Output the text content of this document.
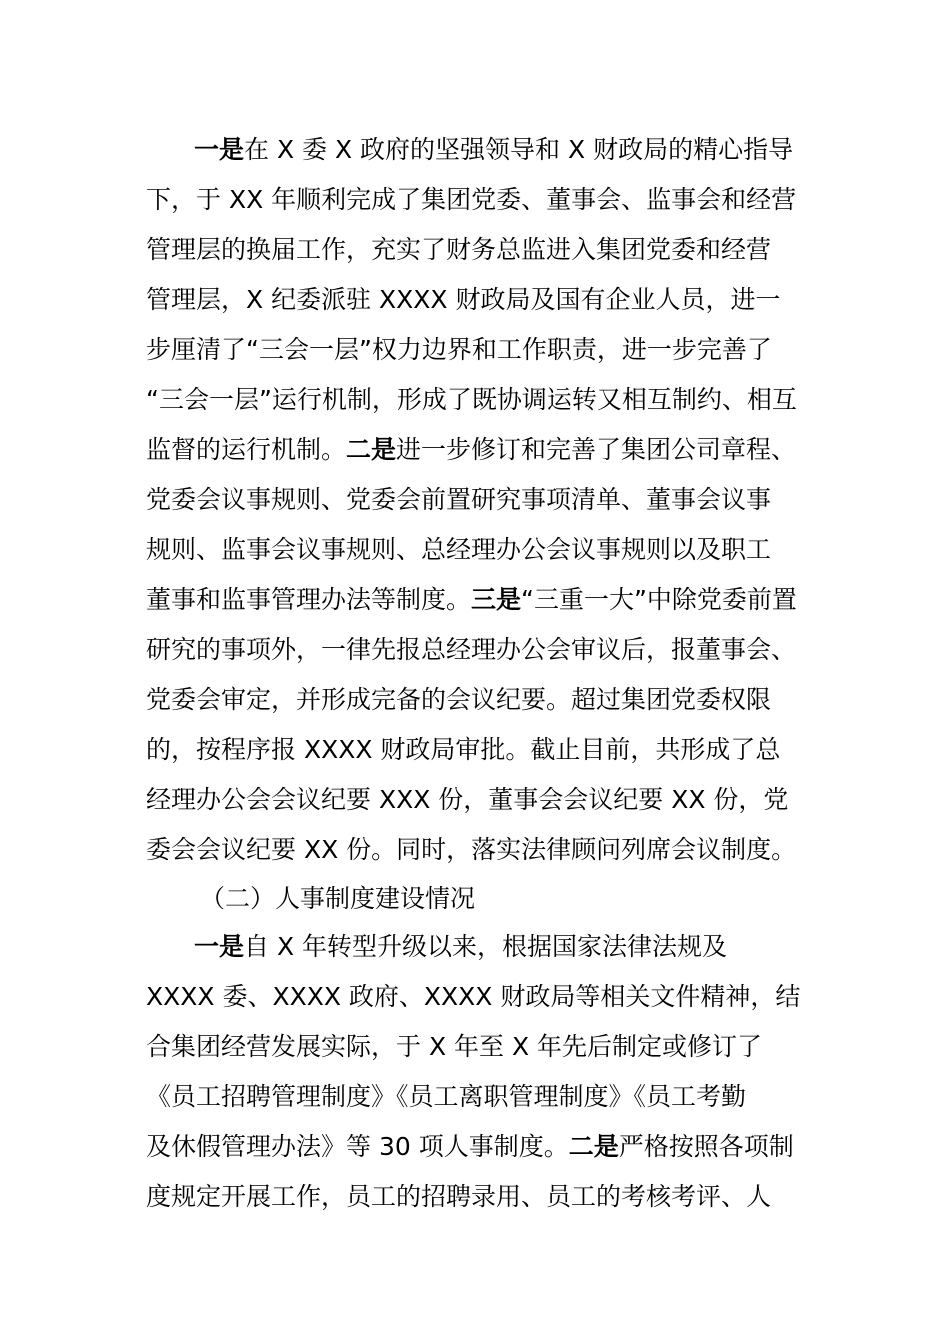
一是在 X 委 X 政府的坚强领导和 X 财政局的精心指导
下，于 XX 年顺利完成了集团党委、董事会、监事会和经营
管理层的换届工作，充实了财务总监进入集团党委和经营
管理层，X 纪委派驻 XXXX 财政局及国有企业人员，进一
步厘清了“三会一层”权力边界和工作职责，进一步完善了
“三会一层”运行机制，形成了既协调运转又相互制约、相互
监督的运行机制。二是进一步修订和完善了集团公司章程、
党委会议事规则、党委会前置研究事项清单、董事会议事
规则、监事会议事规则、总经理办公会议事规则以及职工
董事和监事管理办法等制度。三是“三重一大”中除党委前置
研究的事项外，一律先报总经理办公会审议后，报董事会、
党委会审定，并形成完备的会议纪要。超过集团党委权限
的，按程序报 XXXX 财政局审批。截止目前，共形成了总
经理办公会会议纪要 XXX 份，董事会会议纪要 XX 份，党
委会会议纪要 XX 份。同时，落实法律顾问列席会议制度。
（二）人事制度建设情况
一是自 X 年转型升级以来，根据国家法律法规及
XXXX 委、XXXX 政府、XXXX 财政局等相关文件精神，结
合集团经营发展实际，于 X 年至 X 年先后制定或修订了
《员工招聘管理制度》《员工离职管理制度》《员工考勤
及休假管理办法》等 30 项人事制度。二是严格按照各项制
度规定开展工作，员工的招聘录用、员工的考核考评、人
